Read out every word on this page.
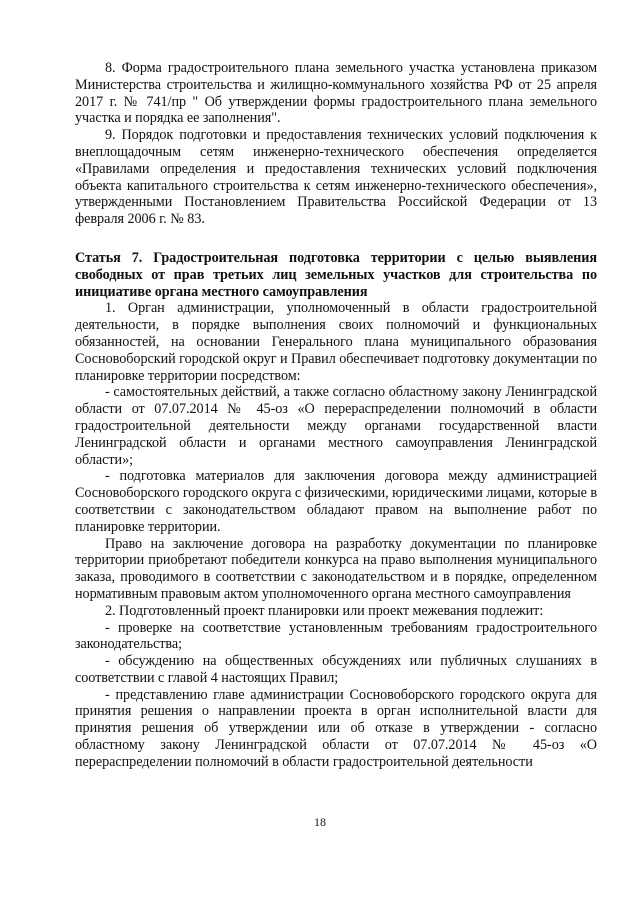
8. Форма градостроительного плана земельного участка установлена приказом Министерства строительства и жилищно-коммунального хозяйства РФ от 25 апреля 2017 г. № 741/пр " Об утверждении формы градостроительного плана земельного участка и порядка ее заполнения".

9. Порядок подготовки и предоставления технических условий подключения к внеплощадочным сетям инженерно-технического обеспечения определяется «Правилами определения и предоставления технических условий подключения объекта капитального строительства к сетям инженерно-технического обеспечения», утвержденными Постановлением Правительства Российской Федерации от 13 февраля 2006 г. № 83.

Статья 7. Градостроительная подготовка территории с целью выявления свободных от прав третьих лиц земельных участков для строительства по инициативе органа местного самоуправления

1. Орган администрации, уполномоченный в области градостроительной деятельности, в порядке выполнения своих полномочий и функциональных обязанностей, на основании Генерального плана муниципального образования Сосновоборский городской округ и Правил обеспечивает подготовку документации по планировке территории посредством:

- самостоятельных действий, а также согласно областному закону Ленинградской области от 07.07.2014 № 45-оз «О перераспределении полномочий в области градостроительной деятельности между органами государственной власти Ленинградской области и органами местного самоуправления Ленинградской области»;

- подготовка материалов для заключения договора между администрацией Сосновоборского городского округа с физическими, юридическими лицами, которые в соответствии с законодательством обладают правом на выполнение работ по планировке территории.

Право на заключение договора на разработку документации по планировке территории приобретают победители конкурса на право выполнения муниципального заказа, проводимого в соответствии с законодательством и в порядке, определенном нормативным правовым актом уполномоченного органа местного самоуправления

2. Подготовленный проект планировки или проект межевания подлежит:

- проверке на соответствие установленным требованиям градостроительного законодательства;

- обсуждению на общественных обсуждениях или публичных слушаниях в соответствии с главой 4 настоящих Правил;

- представлению главе администрации Сосновоборского городского округа для принятия решения о направлении проекта в орган исполнительной власти для принятия решения об утверждении или об отказе в утверждении - согласно областному закону Ленинградской области от 07.07.2014 № 45-оз «О перераспределении полномочий в области градостроительной деятельности

18
